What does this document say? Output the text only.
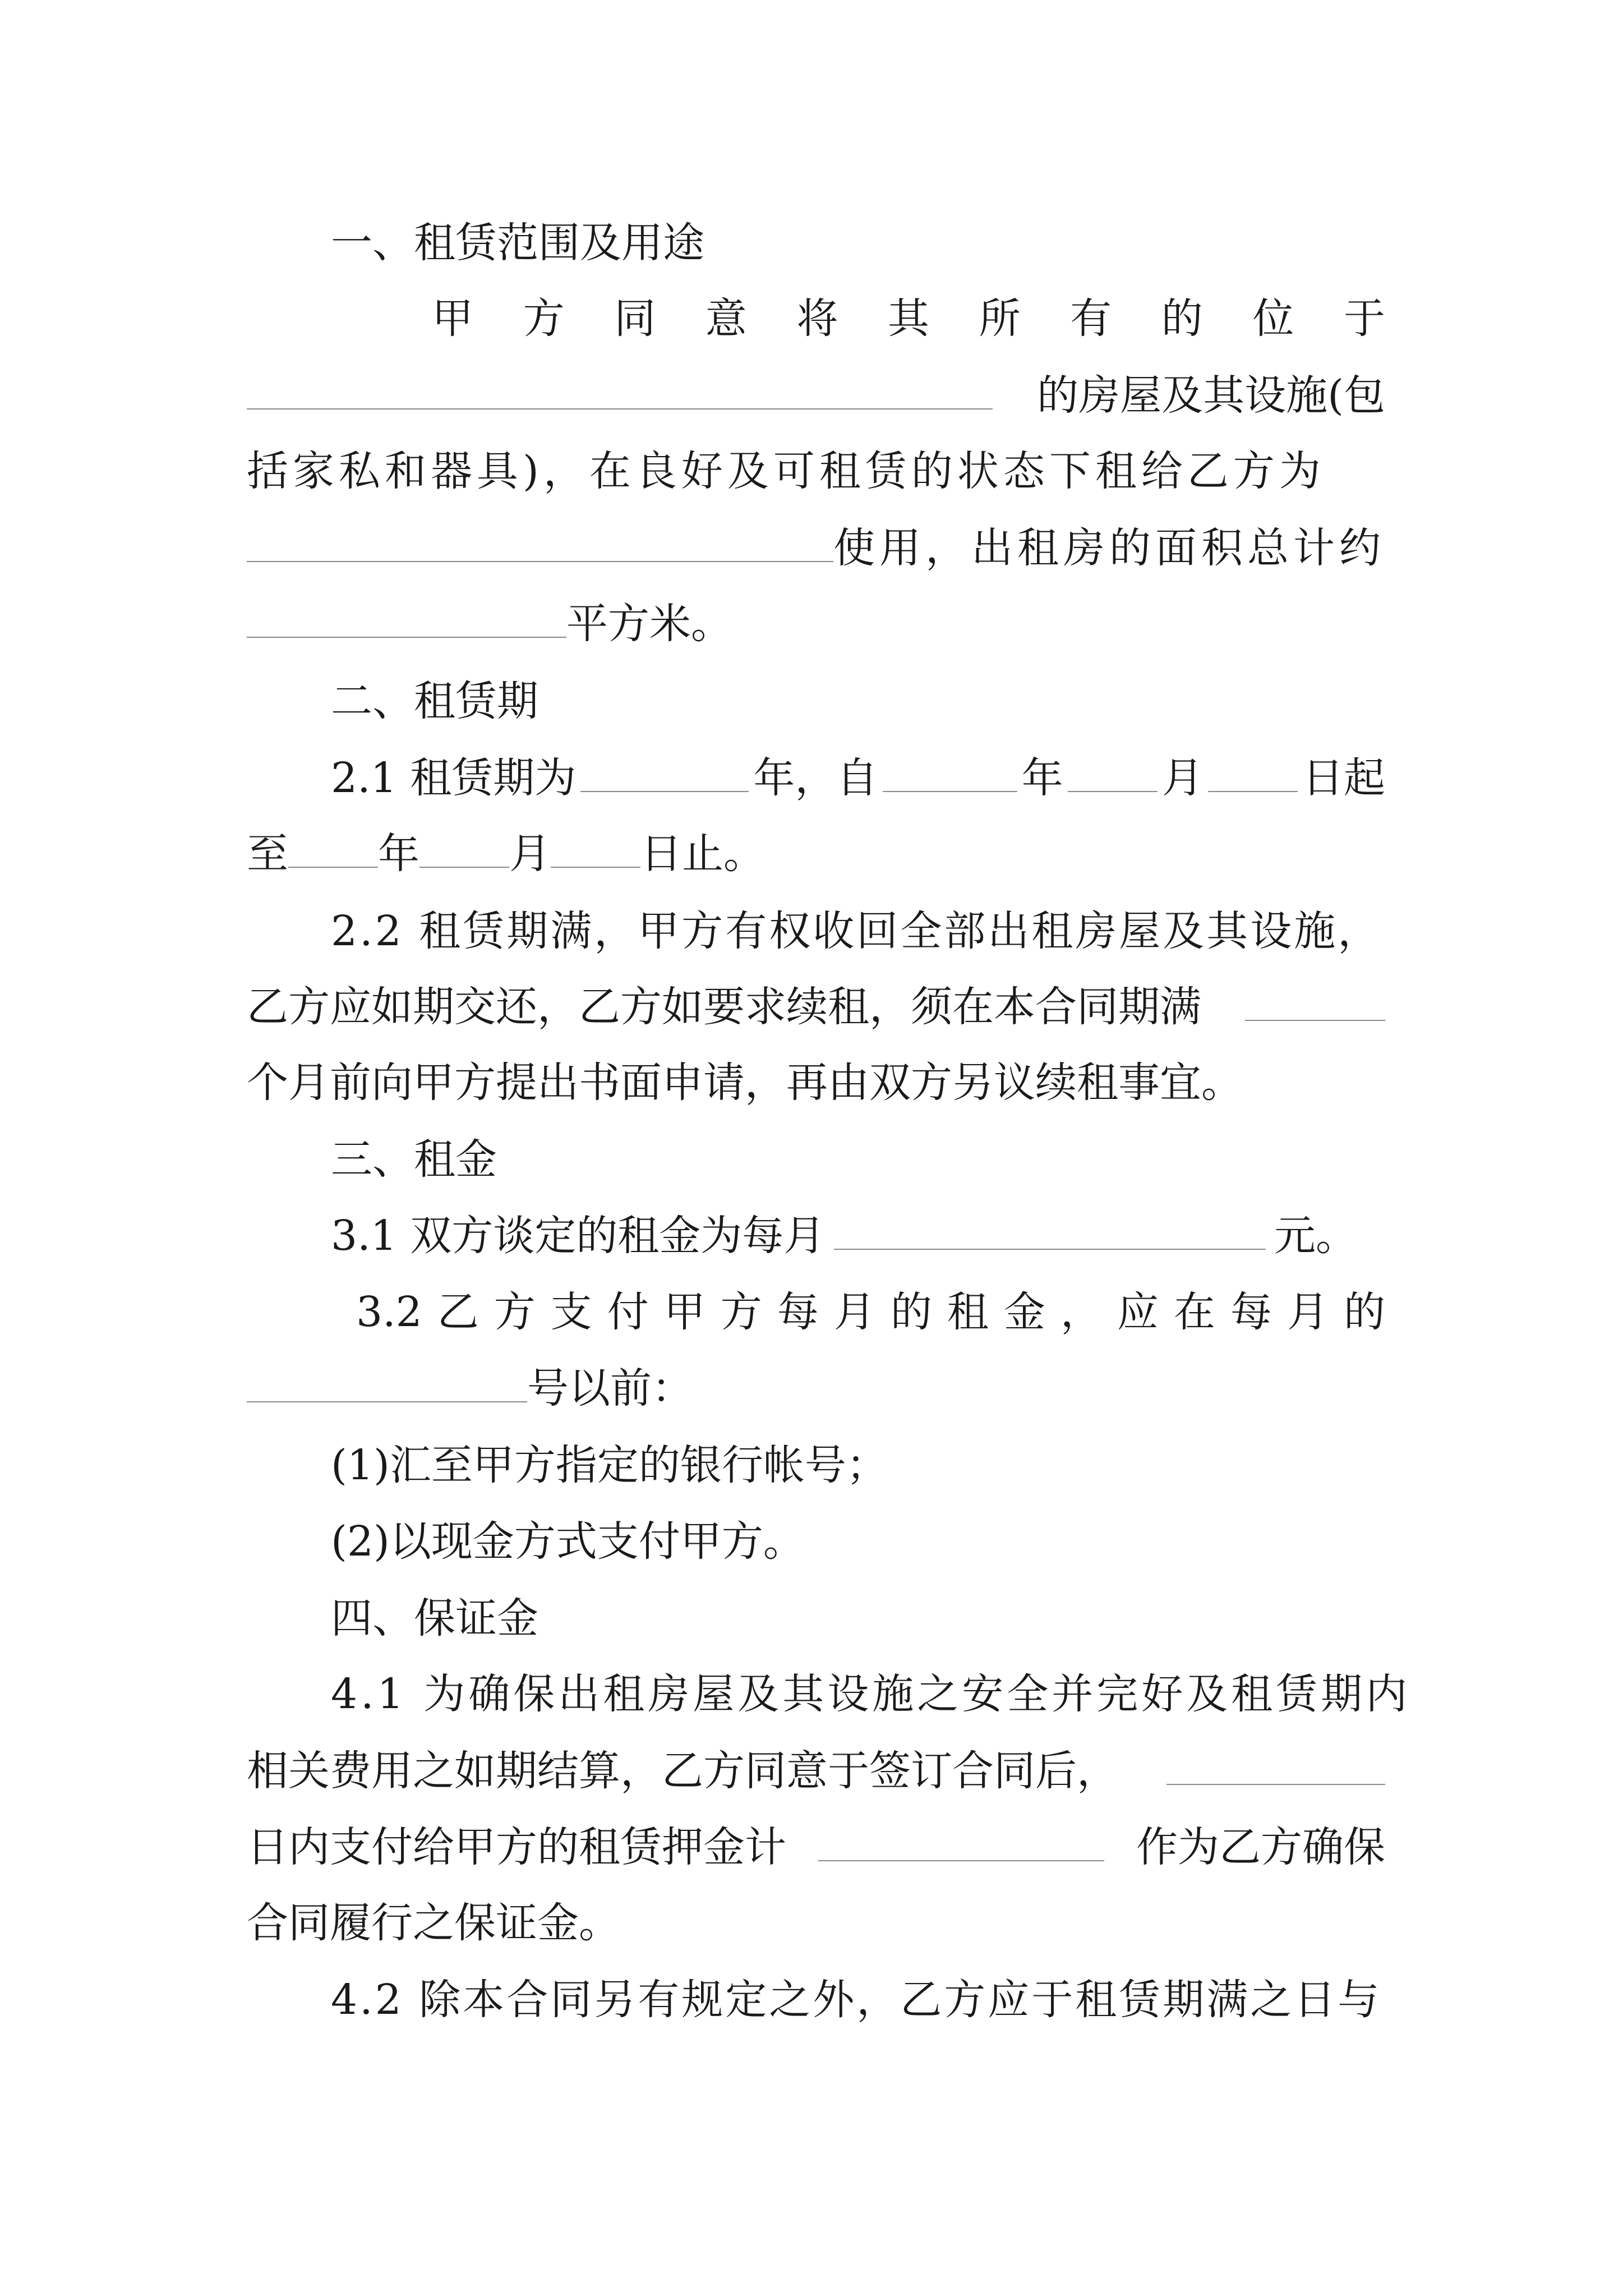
一、租赁范围及用途
甲 方 同 意 将 其 所 有 的 位 于
的房屋及其设施(包
括家私和器具)，在良好及可租赁的状态下租给乙方为
使用，出租房的面积总计约
平方米。
二、租赁期
2.1 租赁期为	年，自	年 月 日起
至 年 月 日止。
2.2 租赁期满，甲方有权收回全部出租房屋及其设施，
乙方应如期交还，乙方如要求续租，须在本合同期满
个月前向甲方提出书面申请，再由双方另议续租事宜。
三、租金
3.1 双方谈定的租金为每月	元。
3.2 乙 方 支 付 甲 方 每 月 的 租 金 ， 应 在 每 月 的
号以前：
(1)汇至甲方指定的银行帐号；
(2)以现金方式支付甲方。
四、保证金
4.1 为确保出租房屋及其设施之安全并完好及租赁期内
相关费用之如期结算，乙方同意于签订合同后，
日内支付给甲方的租赁押金计	作为乙方确保
合同履行之保证金。
4.2 除本合同另有规定之外，乙方应于租赁期满之日与
